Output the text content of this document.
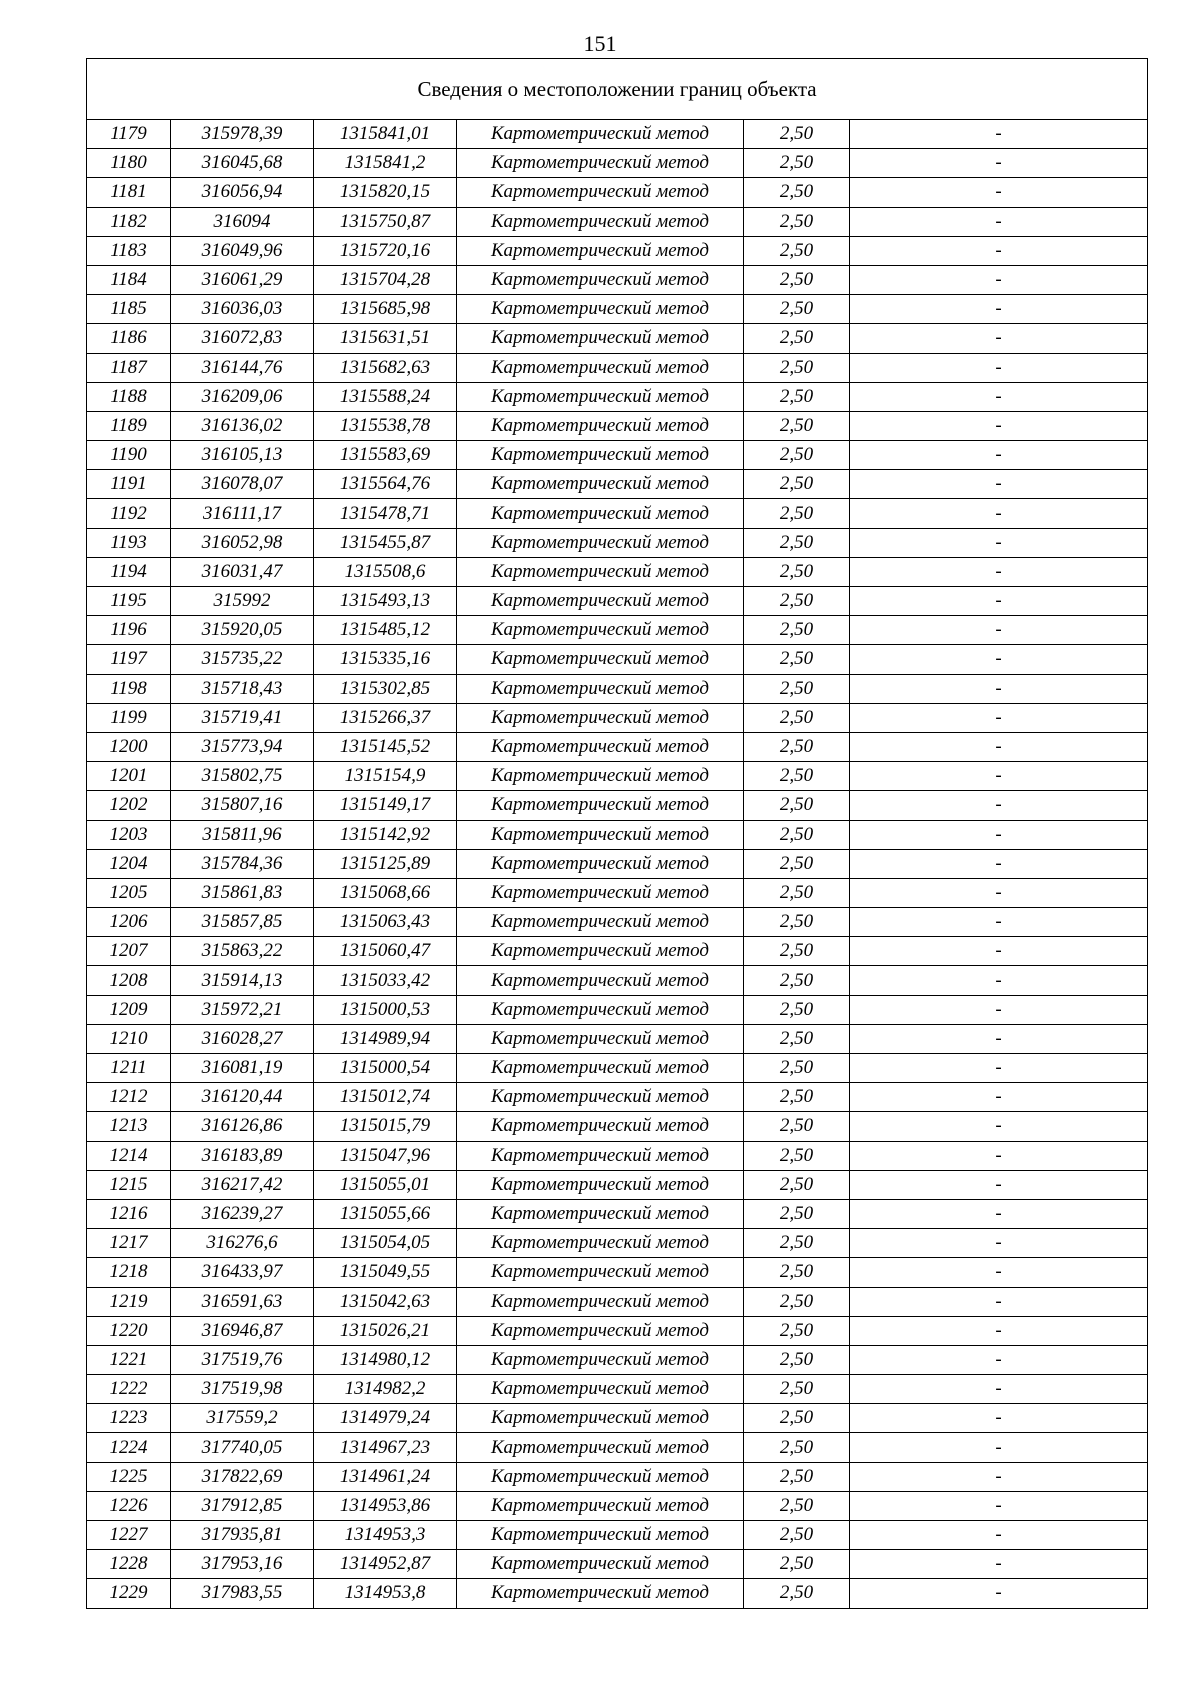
151
Сведения о местоположении границ объекта					
1179	315978,39	1315841,01	Картометрический метод	2,50	-
1180	316045,68	1315841,2	Картометрический метод	2,50	-
1181	316056,94	1315820,15	Картометрический метод	2,50	-
1182	316094	1315750,87	Картометрический метод	2,50	-
1183	316049,96	1315720,16	Картометрический метод	2,50	-
1184	316061,29	1315704,28	Картометрический метод	2,50	-
1185	316036,03	1315685,98	Картометрический метод	2,50	-
1186	316072,83	1315631,51	Картометрический метод	2,50	-
1187	316144,76	1315682,63	Картометрический метод	2,50	-
1188	316209,06	1315588,24	Картометрический метод	2,50	-
1189	316136,02	1315538,78	Картометрический метод	2,50	-
1190	316105,13	1315583,69	Картометрический метод	2,50	-
1191	316078,07	1315564,76	Картометрический метод	2,50	-
1192	316111,17	1315478,71	Картометрический метод	2,50	-
1193	316052,98	1315455,87	Картометрический метод	2,50	-
1194	316031,47	1315508,6	Картометрический метод	2,50	-
1195	315992	1315493,13	Картометрический метод	2,50	-
1196	315920,05	1315485,12	Картометрический метод	2,50	-
1197	315735,22	1315335,16	Картометрический метод	2,50	-
1198	315718,43	1315302,85	Картометрический метод	2,50	-
1199	315719,41	1315266,37	Картометрический метод	2,50	-
1200	315773,94	1315145,52	Картометрический метод	2,50	-
1201	315802,75	1315154,9	Картометрический метод	2,50	-
1202	315807,16	1315149,17	Картометрический метод	2,50	-
1203	315811,96	1315142,92	Картометрический метод	2,50	-
1204	315784,36	1315125,89	Картометрический метод	2,50	-
1205	315861,83	1315068,66	Картометрический метод	2,50	-
1206	315857,85	1315063,43	Картометрический метод	2,50	-
1207	315863,22	1315060,47	Картометрический метод	2,50	-
1208	315914,13	1315033,42	Картометрический метод	2,50	-
1209	315972,21	1315000,53	Картометрический метод	2,50	-
1210	316028,27	1314989,94	Картометрический метод	2,50	-
1211	316081,19	1315000,54	Картометрический метод	2,50	-
1212	316120,44	1315012,74	Картометрический метод	2,50	-
1213	316126,86	1315015,79	Картометрический метод	2,50	-
1214	316183,89	1315047,96	Картометрический метод	2,50	-
1215	316217,42	1315055,01	Картометрический метод	2,50	-
1216	316239,27	1315055,66	Картометрический метод	2,50	-
1217	316276,6	1315054,05	Картометрический метод	2,50	-
1218	316433,97	1315049,55	Картометрический метод	2,50	-
1219	316591,63	1315042,63	Картометрический метод	2,50	-
1220	316946,87	1315026,21	Картометрический метод	2,50	-
1221	317519,76	1314980,12	Картометрический метод	2,50	-
1222	317519,98	1314982,2	Картометрический метод	2,50	-
1223	317559,2	1314979,24	Картометрический метод	2,50	-
1224	317740,05	1314967,23	Картометрический метод	2,50	-
1225	317822,69	1314961,24	Картометрический метод	2,50	-
1226	317912,85	1314953,86	Картометрический метод	2,50	-
1227	317935,81	1314953,3	Картометрический метод	2,50	-
1228	317953,16	1314952,87	Картометрический метод	2,50	-
1229	317983,55	1314953,8	Картометрический метод	2,50	-
